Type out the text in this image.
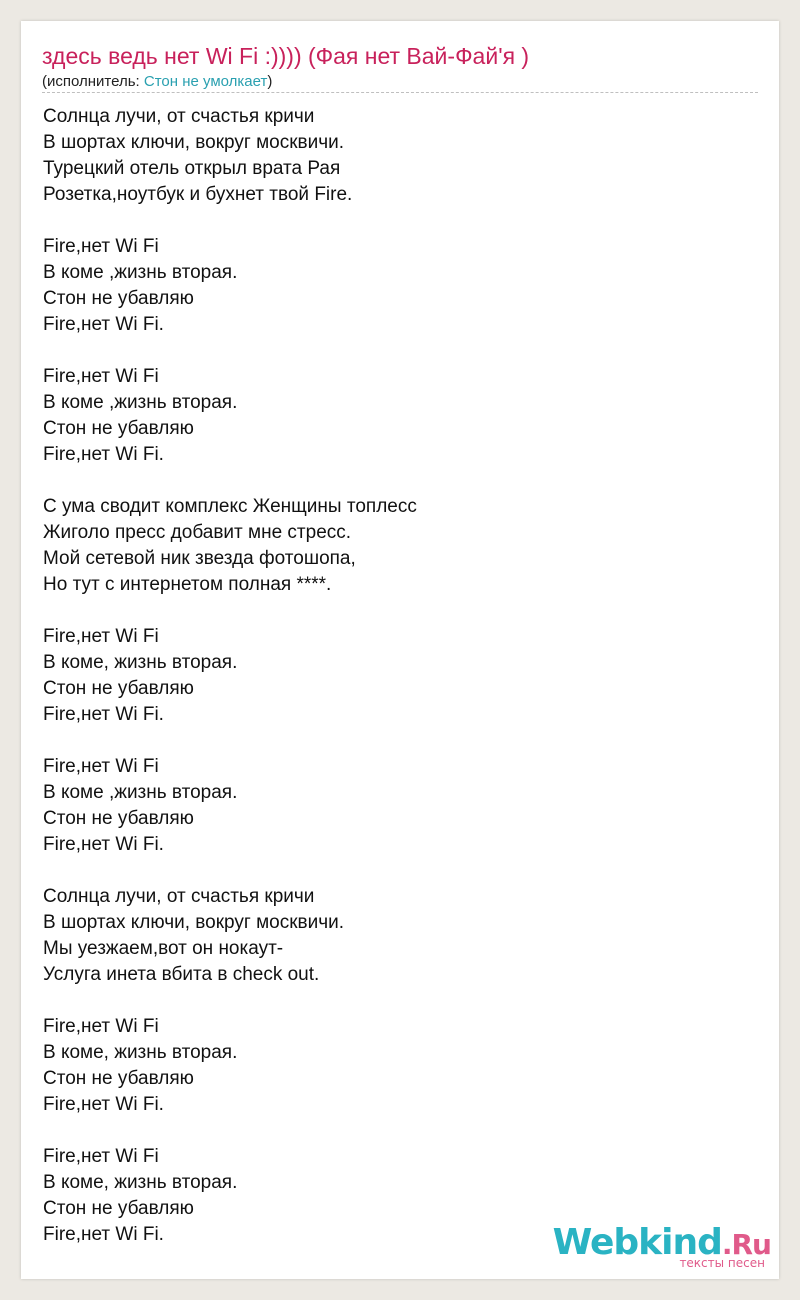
здесь ведь нет Wi Fi :)))) (Фая нет Вай-Фай'я )
(исполнитель: Стон не умолкает)
Солнца лучи, от счастья кричи
В шортах ключи, вокруг москвичи.
Турецкий отель открыл врата Рая
Розетка,ноутбук и бухнет твой Fire.
Fire,нет Wi Fi
В коме ,жизнь вторая.
Стон не убавляю
Fire,нет Wi Fi.
Fire,нет Wi Fi
В коме ,жизнь вторая.
Стон не убавляю
Fire,нет Wi Fi.
С ума сводит комплекс Женщины топлесс
Жиголо пресс добавит мне стресс.
Мой сетевой ник звезда фотошопа,
Но тут с интернетом полная ****.
Fire,нет Wi Fi
В коме, жизнь вторая.
Стон не убавляю
Fire,нет Wi Fi.
Fire,нет Wi Fi
В коме ,жизнь вторая.
Стон не убавляю
Fire,нет Wi Fi.
Солнца лучи, от счастья кричи
В шортах ключи, вокруг москвичи.
Мы уезжаем,вот он нокаут-
Услуга инета вбита в check out.
Fire,нет Wi Fi
В коме, жизнь вторая.
Стон не убавляю
Fire,нет Wi Fi.
Fire,нет Wi Fi
В коме, жизнь вторая.
Стон не убавляю
Fire,нет Wi Fi.	Webkind.Ru
тексты песен
